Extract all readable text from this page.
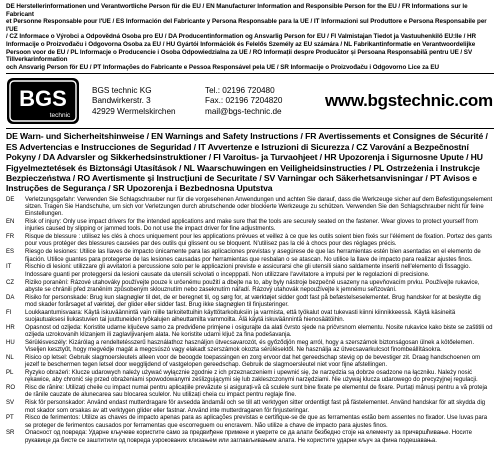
DE Herstellerinformationen und Verantwortliche Person für die EU / EN Manufacturer Information and Responsible Person for the EU / FR Informations sur le Fabricant
et Personne Responsable pour l'UE / ES Información del Fabricante y Persona Responsable para la UE / IT Informazioni sul Produttore e Persona Responsabile per l'UE
/ CZ Informace o Výrobci a Odpovědná Osoba pro EU / DA Producentinformation og Ansvarlig Person for EU / FI Valmistajan Tiedot ja Vastuuhenkilö EU:lle / HR Informacije o Proizvođaču i Odgovorna Osoba za EU / HU Gyártói Információk és Felelős Személy az EU számára / NL Fabrikantinformatie en Verantwoordelijke
Persoon voor de EU / PL Informacje o Producencie i Osoba Odpowiedzialna za UE / RO Informații despre Producător și Persoana Responsabilă pentru UE / SV Tillverkarinformation
och Ansvarig Person för EU / PT Informações do Fabricante e Pessoa Responsável pela UE / SR Informacije o Proizvođaču i Odgovorno Lice za EU
BGS
technic
BGS technic KG
Bandwirkerstr. 3
42929 Wermelskirchen
Tel.: 02196 720480
Fax.: 02196 7204820
mail@bgs-technic.de
www.bgstechnic.com
DE Warn- und Sicherheitshinweise / EN Warnings and Safety Instructions / FR Avertissements et Consignes de Sécurité / ES Advertencias e Instrucciones de Seguridad / IT Avvertenze e Istruzioni di Sicurezza / CZ Varování a Bezpečnostní Pokyny / DA Advarsler og Sikkerhedsinstruktioner / FI Varoitus- ja Turvaohjeet / HR Upozorenja i Sigurnosne Upute / HU Figyelmeztetések és Biztonsági Utasítások / NL Waarschuwingen en Veiligheidsinstructies / PL Ostrzeżenia i Instrukcje Bezpieczeństwa / RO Avertismente și Instrucțiuni de Securitate / SV Varningar och Säkerhetsanvisningar / PT Avisos e Instruções de Segurança / SR Upozorenja i Bezbednosna Uputstva
DE	Verletzungsgefahr: Verwenden Sie Schlagschrauber nur für die vorgesehenen Anwendungen und achten Sie darauf, dass die Werkzeuge sicher auf dem Befestigungselement sitzen. Tragen Sie Handschuhe, um sich vor Verletzungen durch abrutschende oder blockierte Werkzeuge zu schützen. Verwenden Sie den Schlagschrauber nicht für feine Einstellungen.
EN	Risk of injury: Only use impact drivers for the intended applications and make sure that the tools are securely seated on the fastener. Wear gloves to protect yourself from injuries caused by slipping or jammed tools. Do not use the impact driver for fine adjustments.
FR	Risque de blessure : utilisez les clés à chocs uniquement pour les applications prévues et veillez à ce que les outils soient bien fixés sur l'élément de fixation. Portez des gants pour vous protéger des blessures causées par des outils qui glissent ou se bloquent. N'utilisez pas la clé à chocs pour des réglages précis.
ES	Riesgo de lesiones: Utilice las llaves de impacto únicamente para las aplicaciones previstas y asegúrese de que las herramientas estén bien asentadas en el elemento de fijación. Utilice guantes para protegerse de las lesiones causadas por herramientas que resbalan o se atascan. No utilice la llave de impacto para realizar ajustes finos.
IT	Rischio di lesioni: utilizzare gli avvitatori a percussione solo per le applicazioni previste e assicurarsi che gli utensili siano saldamente inseriti nell'elemento di fissaggio. Indossare guanti per proteggersi da lesioni causate da utensili scivolati o incepppati. Non utilizzare l'avvitatore a impulsi per le regolazioni di precisione.
CZ	Riziko poranění: Rázové utahováky používejte pouze k určenému použití a dbejte na to, aby byly nástroje bezpečně usazeny na upevňovacím prvku. Používejte rukavice, abyste se chránili před zraněním způsobeným sklouznutím nebo zaseknutím nářadí. Rázový utahovák nepoužívejte k jemnému seřizování.
DA	Risiko for personskade: Brug kun slagnøgler til det, de er beregnet til, og sørg for, at værktøjet sidder godt fast på befæstelseselementet. Brug handsker for at beskytte dig mod skader forårsaget af værktøj, der glider eller sidder fast. Brug ikke slagnøglen til finjusteringer.
FI	Loukkaantumisvaara: Käytä iskuväännintä vain niille tarkoitettuihin käyttötarkoituksiin ja varmista, että työkalut ovat tukevasti kiinni kiinnikkeessä. Käytä käsineitä suojautuaksesi liukastuvien tai juuttuneiden työkalujen aiheuttamilta vammoilta. Älä käytä iskuväännintä hienosäätöihin.
HR	Opasnost od ozljeda: Koristite udarne ključeve samo za predviđene primjene i osigurajte da alati čvrsto sjede na pričvrsnom elementu. Nosite rukavice kako biste se zaštitili od ozljeda uzrokovanih klizanjem ili zaglavljivanjem alata. Ne koristite udarni ključ za fina podešavanja.
HU	Sérülésveszély: Kizárólag a rendeltetésszerű használathoz használjon ütvecsavarozót, és győződjön meg arról, hogy a szerszámok biztonságosan ülnek a kötőelemen. Viseljen kesztyűt, hogy megvédje magát a megcsúszó vagy elakadt szerszámok okozta sérülésektől. Ne használja az ütvecsavarkulcsot finombeállításokra.
NL	Risico op letsel: Gebruik slagmoersleutels alleen voor de beoogde toepassingen en zorg ervoor dat het gereedschap stevig op de bevestiger zit. Draag handschoenen om jezelf te beschermen tegen letsel door wegglijdend of vastgelopen gereedschap. Gebruik de slagmoersleutel niet voor fijne afstellingen.
PL	Ryzyko obrażeń: Klucze udarowych należy używać wyłącznie zgodnie z ich przeznaczeniem i upewnić się, że narzędzia są dobrze osadzone na łączniku. Należy nosić rękawice, aby chronić się przed obrażeniami spowodowanymi ześlizgującymi się lub zakleszczonymi narzędziami. Nie używaj klucza udarowego do precyzyjnej regulacji.
RO	Risc de rănire: Utilizați cheile cu impact numai pentru aplicațiile prevăzute și asigurați-vă că sculele sunt bine fixate pe elementul de fixare. Purtați mănuși pentru a vă proteja de rănile cauzate de alunecarea sau blocarea sculelor. Nu utilizați cheia cu impact pentru reglaje fine.
SV	Risk för personskador: Använd endast mutterdragare för avsedda ändamål och se till att verktygen sitter ordentligt fast på fästelementet. Använd handskar för att skydda dig mot skador som orsakas av att verktygen glider eller fastnar. Använd inte mutterdragaren för finjusteringar.
PT	Risco de ferimentos: Utilize as chaves de impacto apenas para as aplicações previstas e certifique-se de que as ferramentas estão bem assentes no fixador. Use luvas para se proteger de ferimentos causados por ferramentas que escorreguem ou encravem. Não utilize a chave de impacto para ajustes finos.
SR	Опасност од повреда: Ударне кључеве користите само за предвиђене примене и уверите се да алати безбедно стоје на елементу за причвршћивање. Носите рукавице да бисте се заштитили од повреда узрокованих клизањем или заглављивањем алата. Не користите ударни кључ за фина подешавања.
